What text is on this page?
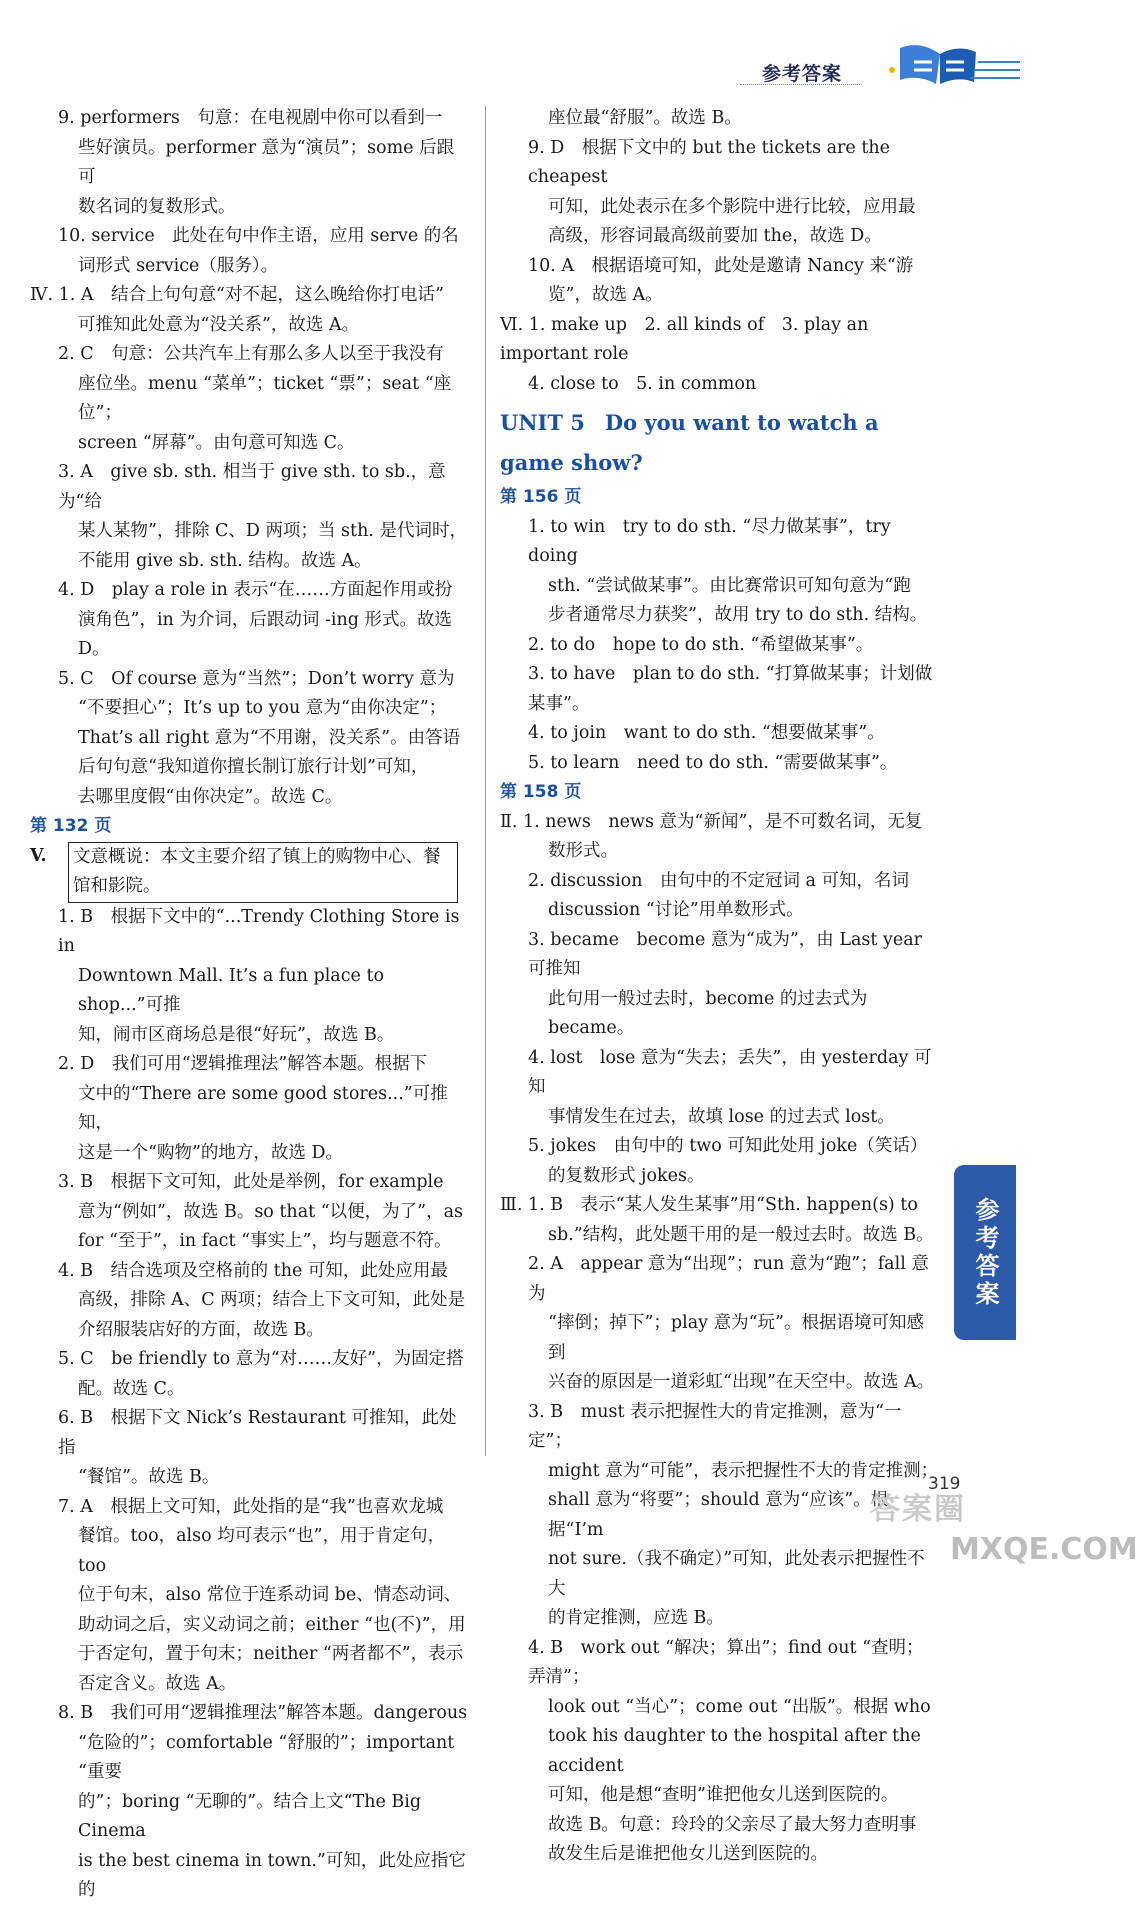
参考答案
9. performers　句意：在电视剧中你可以看到一
些好演员。performer 意为“演员”；some 后跟可
数名词的复数形式。
10. service　此处在句中作主语，应用 serve 的名
词形式 service（服务）。
Ⅳ. 1. A　结合上句句意“对不起，这么晚给你打电话”
可推知此处意为“没关系”，故选 A。
2. C　句意：公共汽车上有那么多人以至于我没有
座位坐。menu “菜单”；ticket “票”；seat “座位”；
screen “屏幕”。由句意可知选 C。
3. A　give sb. sth. 相当于 give sth. to sb.，意为“给
某人某物”，排除 C、D 两项；当 sth. 是代词时，
不能用 give sb. sth. 结构。故选 A。
4. D　play a role in 表示“在……方面起作用或扮
演角色”，in 为介词，后跟动词 -ing 形式。故选 D。
5. C　Of course 意为“当然”；Don’t worry 意为
“不要担心”；It’s up to you 意为“由你决定”；
That’s all right 意为“不用谢，没关系”。由答语
后句句意“我知道你擅长制订旅行计划”可知，
去哪里度假“由你决定”。故选 C。
第 132 页
V. 文意概说：本文主要介绍了镇上的购物中心、餐馆和影院。
1. B　根据下文中的“...Trendy Clothing Store is in
Downtown Mall. It’s a fun place to shop...”可推
知，闹市区商场总是很“好玩”，故选 B。
2. D　我们可用“逻辑推理法”解答本题。根据下
文中的“There are some good stores...”可推知，
这是一个“购物”的地方，故选 D。
3. B　根据下文可知，此处是举例，for example
意为“例如”，故选 B。so that “以便，为了”，as
for “至于”，in fact “事实上”，均与题意不符。
4. B　结合选项及空格前的 the 可知，此处应用最
高级，排除 A、C 两项；结合上下文可知，此处是
介绍服装店好的方面，故选 B。
5. C　be friendly to 意为“对……友好”，为固定搭
配。故选 C。
6. B　根据下文 Nick’s Restaurant 可推知，此处指
“餐馆”。故选 B。
7. A　根据上文可知，此处指的是“我”也喜欢龙城
餐馆。too，also 均可表示“也”，用于肯定句，too
位于句末，also 常位于连系动词 be、情态动词、
助动词之后，实义动词之前；either “也(不)”，用
于否定句，置于句末；neither “两者都不”，表示
否定含义。故选 A。
8. B　我们可用“逻辑推理法”解答本题。dangerous
“危险的”；comfortable “舒服的”；important “重要
的”；boring “无聊的”。结合上文“The Big Cinema
is the best cinema in town.”可知，此处应指它的
座位最“舒服”。故选 B。
9. D　根据下文中的 but the tickets are the cheapest
可知，此处表示在多个影院中进行比较，应用最
高级，形容词最高级前要加 the，故选 D。
10. A　根据语境可知，此处是邀请 Nancy 来“游
览”，故选 A。
Ⅵ. 1. make up　2. all kinds of　3. play an important role
4. close to　5. in common
UNIT 5 Do you want to watch a game show?
第 156 页
1. to win　try to do sth. “尽力做某事”，try doing
sth. “尝试做某事”。由比赛常识可知句意为“跑
步者通常尽力获奖”，故用 try to do sth. 结构。
2. to do　hope to do sth. “希望做某事”。
3. to have　plan to do sth. “打算做某事；计划做某事”。
4. to join　want to do sth. “想要做某事”。
5. to learn　need to do sth. “需要做某事”。
第 158 页
Ⅱ. 1. news　news 意为“新闻”，是不可数名词，无复
数形式。
2. discussion　由句中的不定冠词 a 可知，名词
discussion “讨论”用单数形式。
3. became　become 意为“成为”，由 Last year 可推知
此句用一般过去时，become 的过去式为 became。
4. lost　lose 意为“失去；丢失”，由 yesterday 可知
事情发生在过去，故填 lose 的过去式 lost。
5. jokes　由句中的 two 可知此处用 joke（笑话）
的复数形式 jokes。
Ⅲ. 1. B　表示“某人发生某事”用“Sth. happen(s) to
sb.”结构，此处题干用的是一般过去时。故选 B。
2. A　appear 意为“出现”；run 意为“跑”；fall 意为
“摔倒；掉下”；play 意为“玩”。根据语境可知感到
兴奋的原因是一道彩虹“出现”在天空中。故选 A。
3. B　must 表示把握性大的肯定推测，意为“一定”；
might 意为“可能”，表示把握性不大的肯定推测；
shall 意为“将要”；should 意为“应该”。根据“I’m
not sure.（我不确定）”可知，此处表示把握性不大
的肯定推测，应选 B。
4. B　work out “解决；算出”；find out “查明；弄清”；
look out “当心”；come out “出版”。根据 who
took his daughter to the hospital after the accident
可知，他是想“查明”谁把他女儿送到医院的。
故选 B。句意：玲玲的父亲尽了最大努力查明事
故发生后是谁把他女儿送到医院的。
参考答案
319
答案圈
MXQE.COM
